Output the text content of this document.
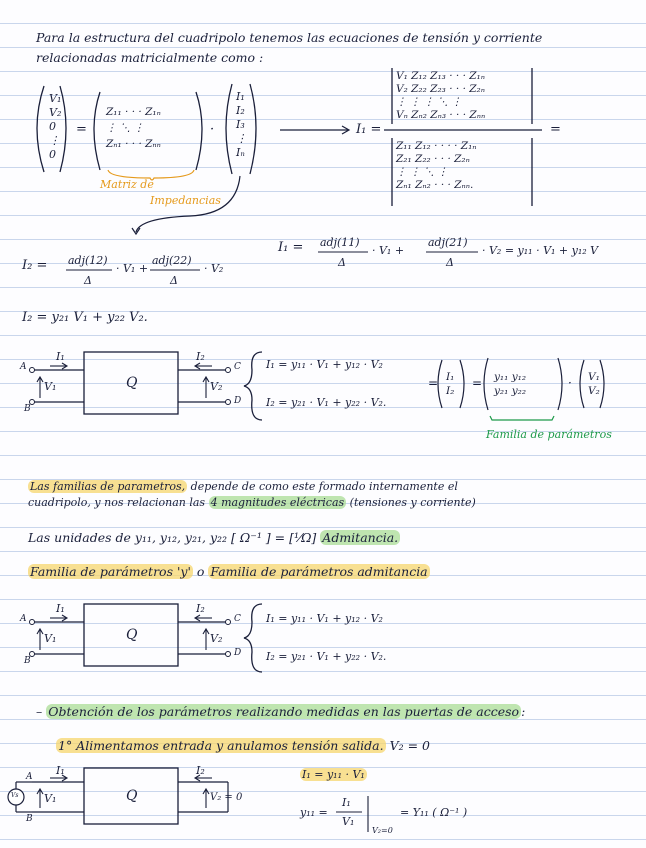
Para la estructura del cuadripolo tenemos las ecuaciones de tensión y corriente
relacionadas matricialmente como :
V₁
V₂
0
⋮
0
=
Z₁₁ · · · Z₁ₙ
⋮ ⋱ ⋮
Zₙ₁ · · · Zₙₙ
·
I₁
I₂
I₃
⋮
Iₙ
Matriz de
Impedancias
I₁ =
V₁ Z₁₂ Z₁₃ · · · Z₁ₙ
V₂ Z₂₂ Z₂₃ · · · Z₂ₙ
⋮ ⋮ ⋮ ⋱ ⋮
Vₙ Zₙ₂ Zₙ₃ · · · Zₙₙ
Z₁₁ Z₁₂ · · · · Z₁ₙ
Z₂₁ Z₂₂ · · · Z₂ₙ
⋮ ⋮ ⋱ ⋮
Zₙ₁ Zₙ₂ · · · Zₙₙ.
=
I₂ = adj(12)
Δ
· V₁ +
adj(22)
Δ
· V₂
I₁ = adj(11)
Δ
· V₁ +
adj(21)
Δ
· V₂ = y₁₁ · V₁ + y₁₂ V
I₂ = y₂₁ V₁ + y₂₂ V₂.
A
B
C
D
I₁	I₂
V₁	V₂
Q
I₁ = y₁₁ · V₁ + y₁₂ · V₂
I₂ = y₂₁ · V₁ + y₂₂ · V₂.
= I₁
I₂
= y₁₁ y₁₂
y₂₁ y₂₂
· V₁
V₂
Familia de parámetros
Las familias de parametros, depende de como este formado internamente el
cuadripolo, y nos relacionan las 4 magnitudes eléctricas (tensiones y corriente)
Las unidades de y₁₁, y₁₂, y₂₁, y₂₂ [ Ω⁻¹ ] = [¹⁄Ω] Admitancia.
Familia de parámetros 'y' o Familia de parámetros admitancia
A
B
C
D
I₁	I₂
V₁	V₂
Q
I₁ = y₁₁ · V₁ + y₁₂ · V₂
I₂ = y₂₁ · V₁ + y₂₂ · V₂.
– Obtención de los parámetros realizando medidas en las puertas de acceso :
1° Alimentamos entrada y anulamos tensión salida. V₂ = 0
A
B
Vs
I₁	I₂
V₁	V₂ = 0
Q
I₁ = y₁₁ · V₁
y₁₁ =
I₁
V₁
V₂=0
= Y₁₁ ( Ω⁻¹ )
